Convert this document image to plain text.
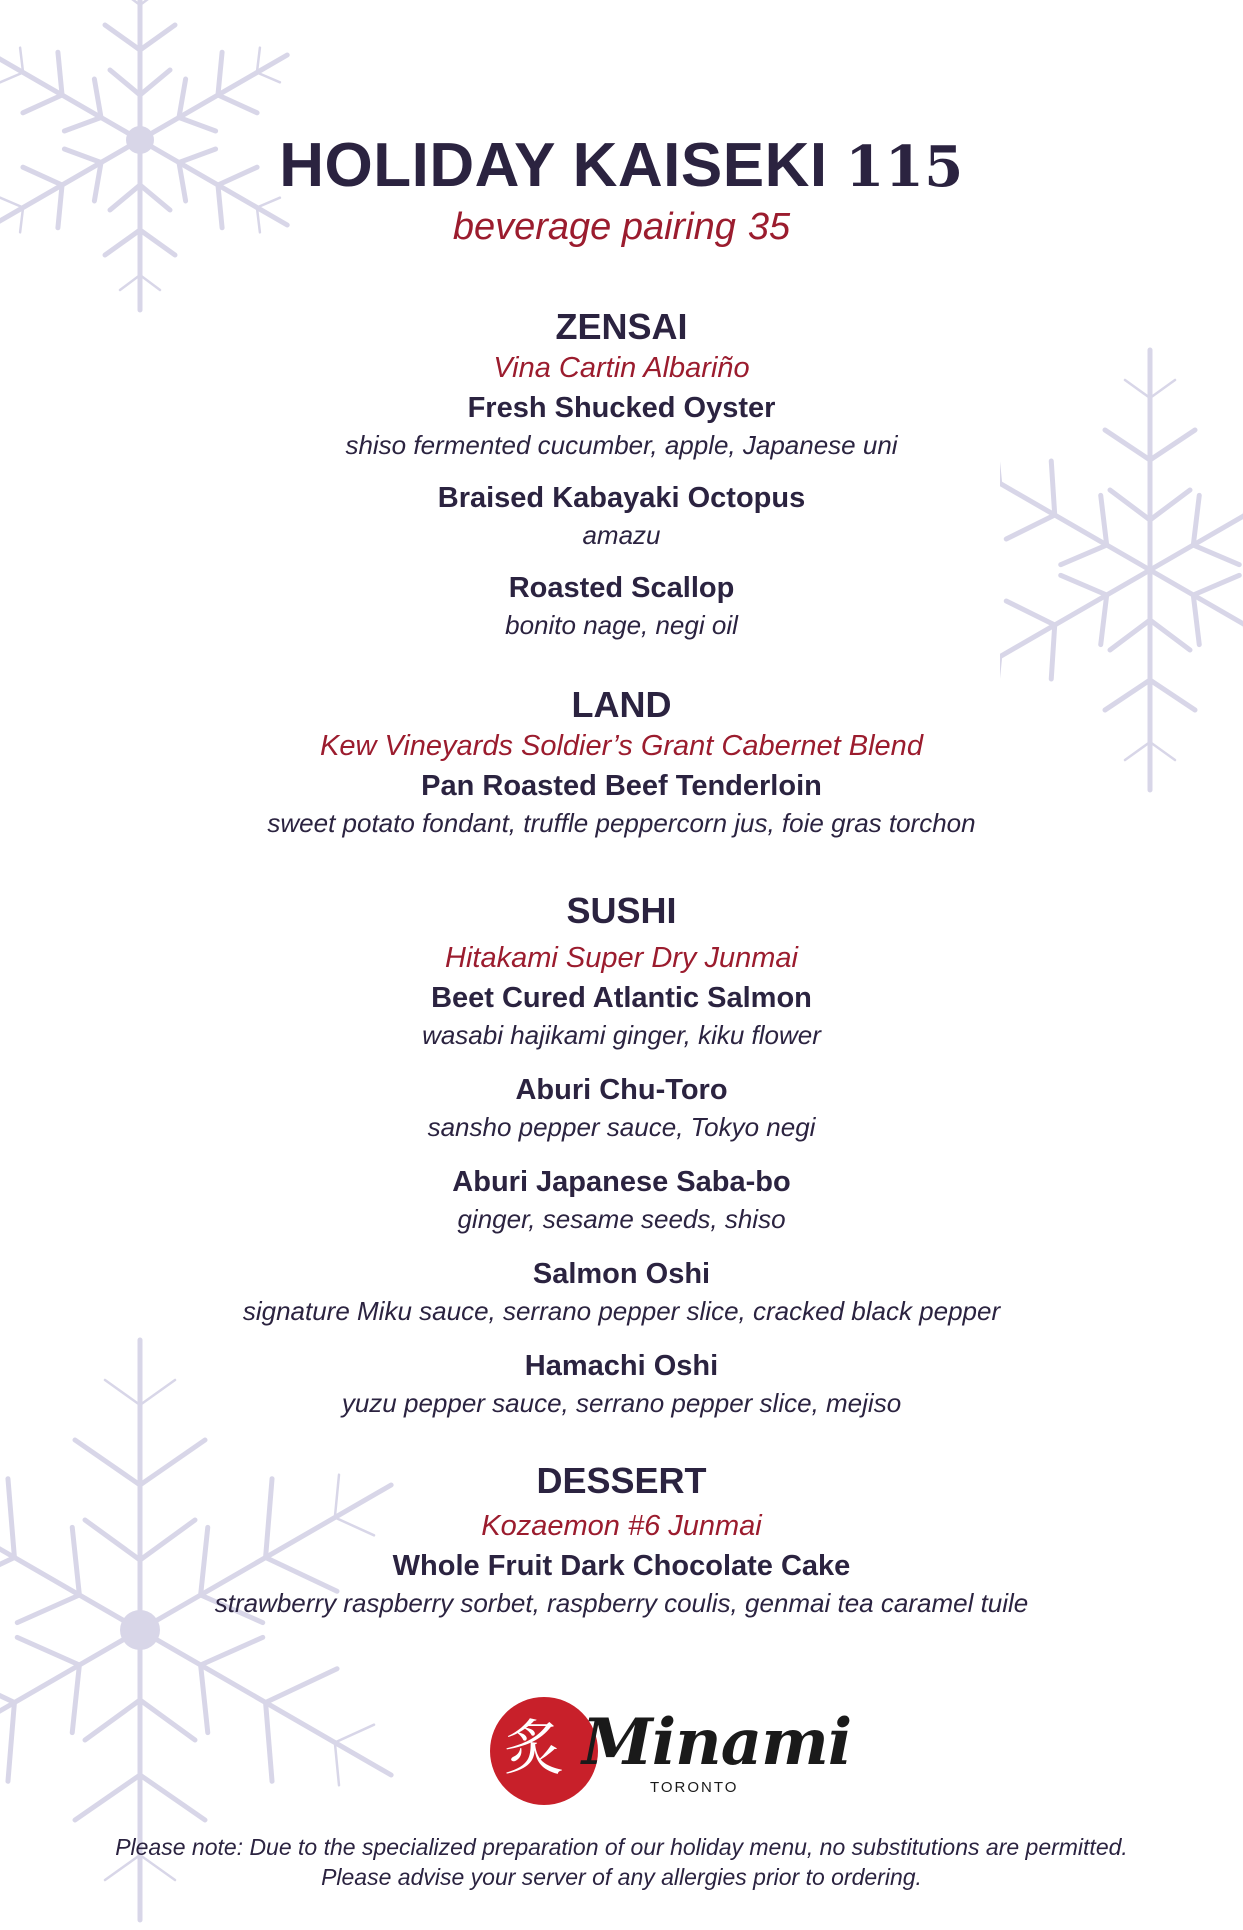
HOLIDAY KAISEKI 115
beverage pairing 35
ZENSAI
Vina Cartin Albariño
Fresh Shucked Oyster
shiso fermented cucumber, apple, Japanese uni
Braised Kabayaki Octopus
amazu
Roasted Scallop
bonito nage, negi oil
LAND
Kew Vineyards Soldier’s Grant Cabernet Blend
Pan Roasted Beef Tenderloin
sweet potato fondant, truffle peppercorn jus, foie gras torchon
SUSHI
Hitakami Super Dry Junmai
Beet Cured Atlantic Salmon
wasabi hajikami ginger, kiku flower
Aburi Chu-Toro
sansho pepper sauce, Tokyo negi
Aburi Japanese Saba-bo
ginger, sesame seeds, shiso
Salmon Oshi
signature Miku sauce, serrano pepper slice, cracked black pepper
Hamachi Oshi
yuzu pepper sauce, serrano pepper slice, mejiso
DESSERT
Kozaemon #6 Junmai
Whole Fruit Dark Chocolate Cake
strawberry raspberry sorbet, raspberry coulis, genmai tea caramel tuile
炙 Minami
TORONTO
Please note: Due to the specialized preparation of our holiday menu, no substitutions are permitted.
Please advise your server of any allergies prior to ordering.
